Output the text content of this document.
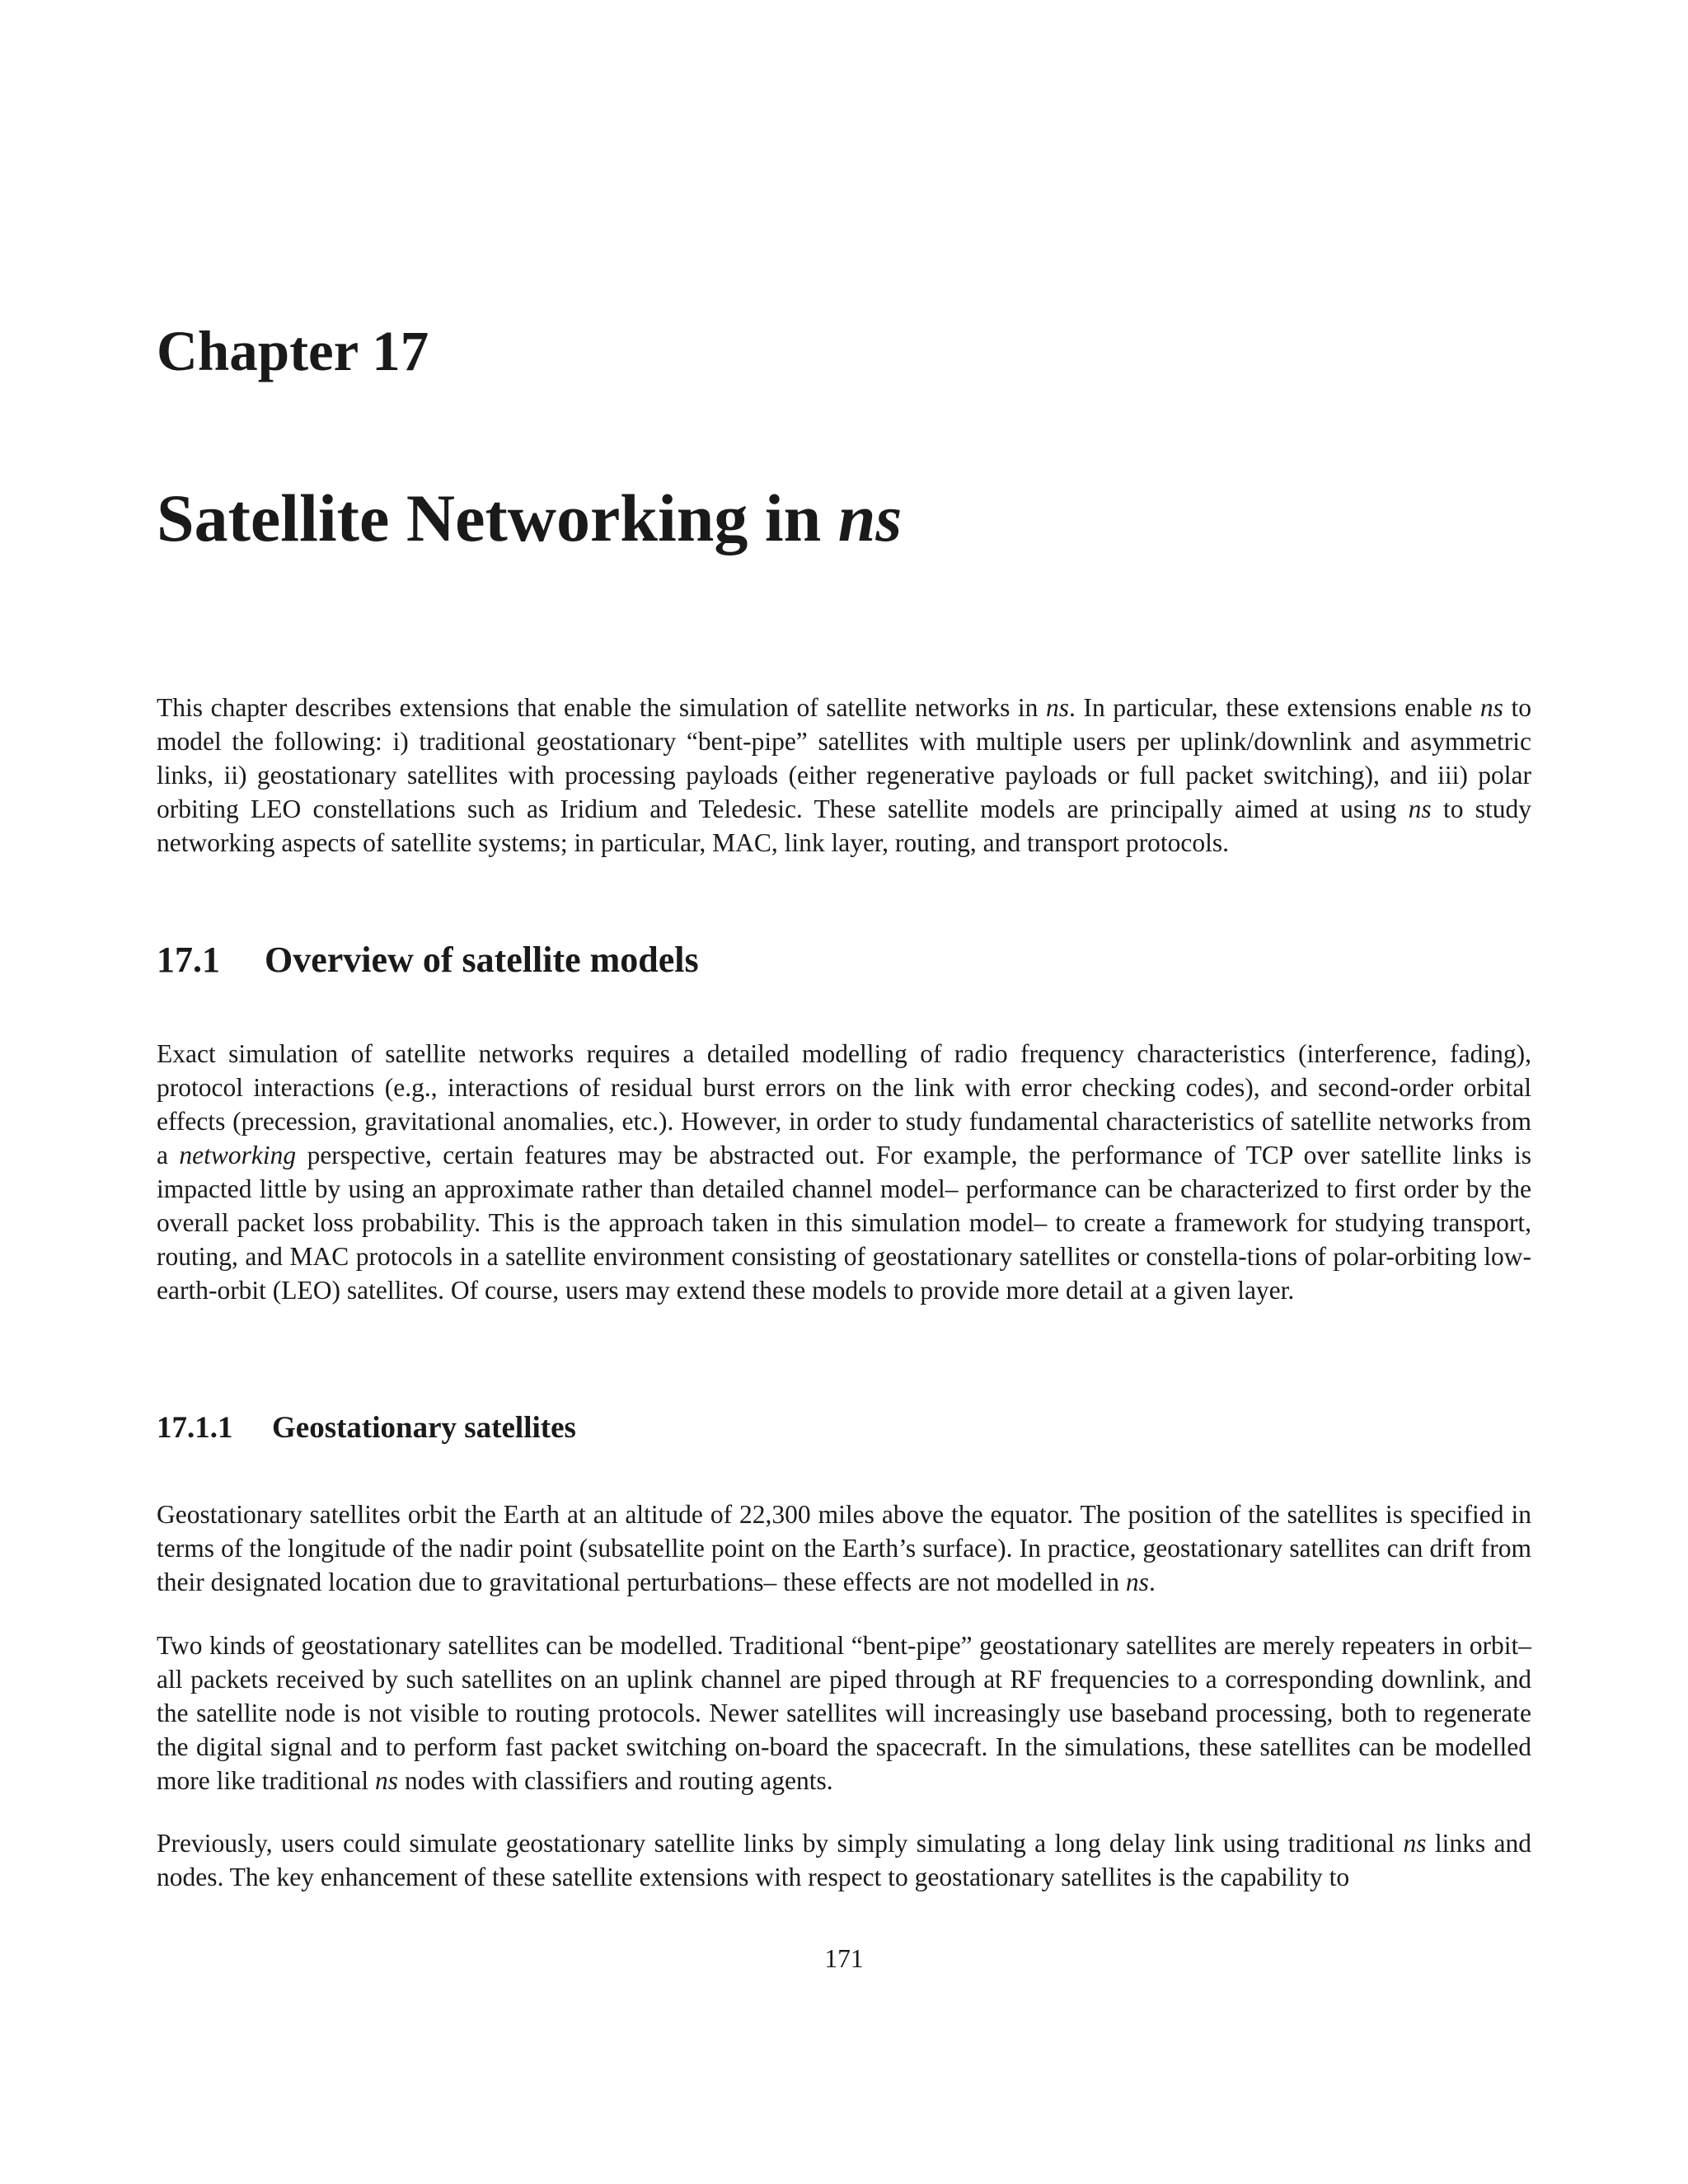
Chapter 17
Satellite Networking in ns

This chapter describes extensions that enable the simulation of satellite networks in ns. In particular, these extensions enable ns to model the following: i) traditional geostationary “bent-pipe” satellites with multiple users per uplink/downlink and asymmetric links, ii) geostationary satellites with processing payloads (either regenerative payloads or full packet switching), and iii) polar orbiting LEO constellations such as Iridium and Teledesic. These satellite models are principally aimed at using ns to study networking aspects of satellite systems; in particular, MAC, link layer, routing, and transport protocols.

17.1 Overview of satellite models

Exact simulation of satellite networks requires a detailed modelling of radio frequency characteristics (interference, fading), protocol interactions (e.g., interactions of residual burst errors on the link with error checking codes), and second-order orbital effects (precession, gravitational anomalies, etc.). However, in order to study fundamental characteristics of satellite networks from a networking perspective, certain features may be abstracted out. For example, the performance of TCP over satellite links is impacted little by using an approximate rather than detailed channel model– performance can be characterized to first order by the overall packet loss probability. This is the approach taken in this simulation model– to create a framework for studying transport, routing, and MAC protocols in a satellite environment consisting of geostationary satellites or constella-tions of polar-orbiting low-earth-orbit (LEO) satellites. Of course, users may extend these models to provide more detail at a given layer.

17.1.1 Geostationary satellites

Geostationary satellites orbit the Earth at an altitude of 22,300 miles above the equator. The position of the satellites is specified in terms of the longitude of the nadir point (subsatellite point on the Earth’s surface). In practice, geostationary satellites can drift from their designated location due to gravitational perturbations– these effects are not modelled in ns.

Two kinds of geostationary satellites can be modelled. Traditional “bent-pipe” geostationary satellites are merely repeaters in orbit– all packets received by such satellites on an uplink channel are piped through at RF frequencies to a corresponding downlink, and the satellite node is not visible to routing protocols. Newer satellites will increasingly use baseband processing, both to regenerate the digital signal and to perform fast packet switching on-board the spacecraft. In the simulations, these satellites can be modelled more like traditional ns nodes with classifiers and routing agents.

Previously, users could simulate geostationary satellite links by simply simulating a long delay link using traditional ns links and nodes. The key enhancement of these satellite extensions with respect to geostationary satellites is the capability to

171
